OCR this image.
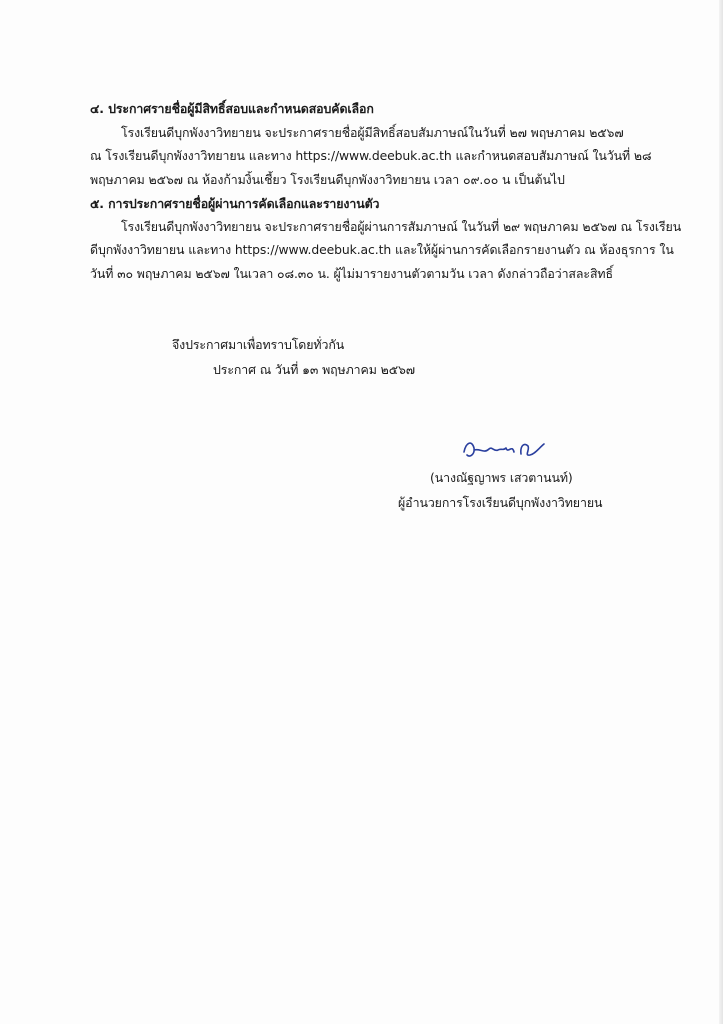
๔. ประกาศรายชื่อผู้มีสิทธิ์สอบและกำหนดสอบคัดเลือก
โรงเรียนดีบุกพังงาวิทยายน จะประกาศรายชื่อผู้มีสิทธิ์สอบสัมภาษณ์ในวันที่ ๒๗ พฤษภาคม ๒๕๖๗
ณ โรงเรียนดีบุกพังงาวิทยายน และทาง https://www.deebuk.ac.th และกำหนดสอบสัมภาษณ์ ในวันที่ ๒๘
พฤษภาคม ๒๕๖๗ ณ ห้องก้ามงิ้นเชี้ยว โรงเรียนดีบุกพังงาวิทยายน เวลา ๐๙.๐๐ น เป็นต้นไป
๕. การประกาศรายชื่อผู้ผ่านการคัดเลือกและรายงานตัว
โรงเรียนดีบุกพังงาวิทยายน จะประกาศรายชื่อผู้ผ่านการสัมภาษณ์ ในวันที่ ๒๙ พฤษภาคม ๒๕๖๗ ณ โรงเรียน
ดีบุกพังงาวิทยายน และทาง https://www.deebuk.ac.th และให้ผู้ผ่านการคัดเลือกรายงานตัว ณ ห้องธุรการ ใน
วันที่ ๓๐ พฤษภาคม ๒๕๖๗ ในเวลา ๐๘.๓๐ น. ผู้ไม่มารายงานตัวตามวัน เวลา ดังกล่าวถือว่าสละสิทธิ์
จึงประกาศมาเพื่อทราบโดยทั่วกัน
ประกาศ ณ วันที่ ๑๓ พฤษภาคม ๒๕๖๗
(นางณัฐญาพร เสวตานนท์)
ผู้อำนวยการโรงเรียนดีบุกพังงาวิทยายน
